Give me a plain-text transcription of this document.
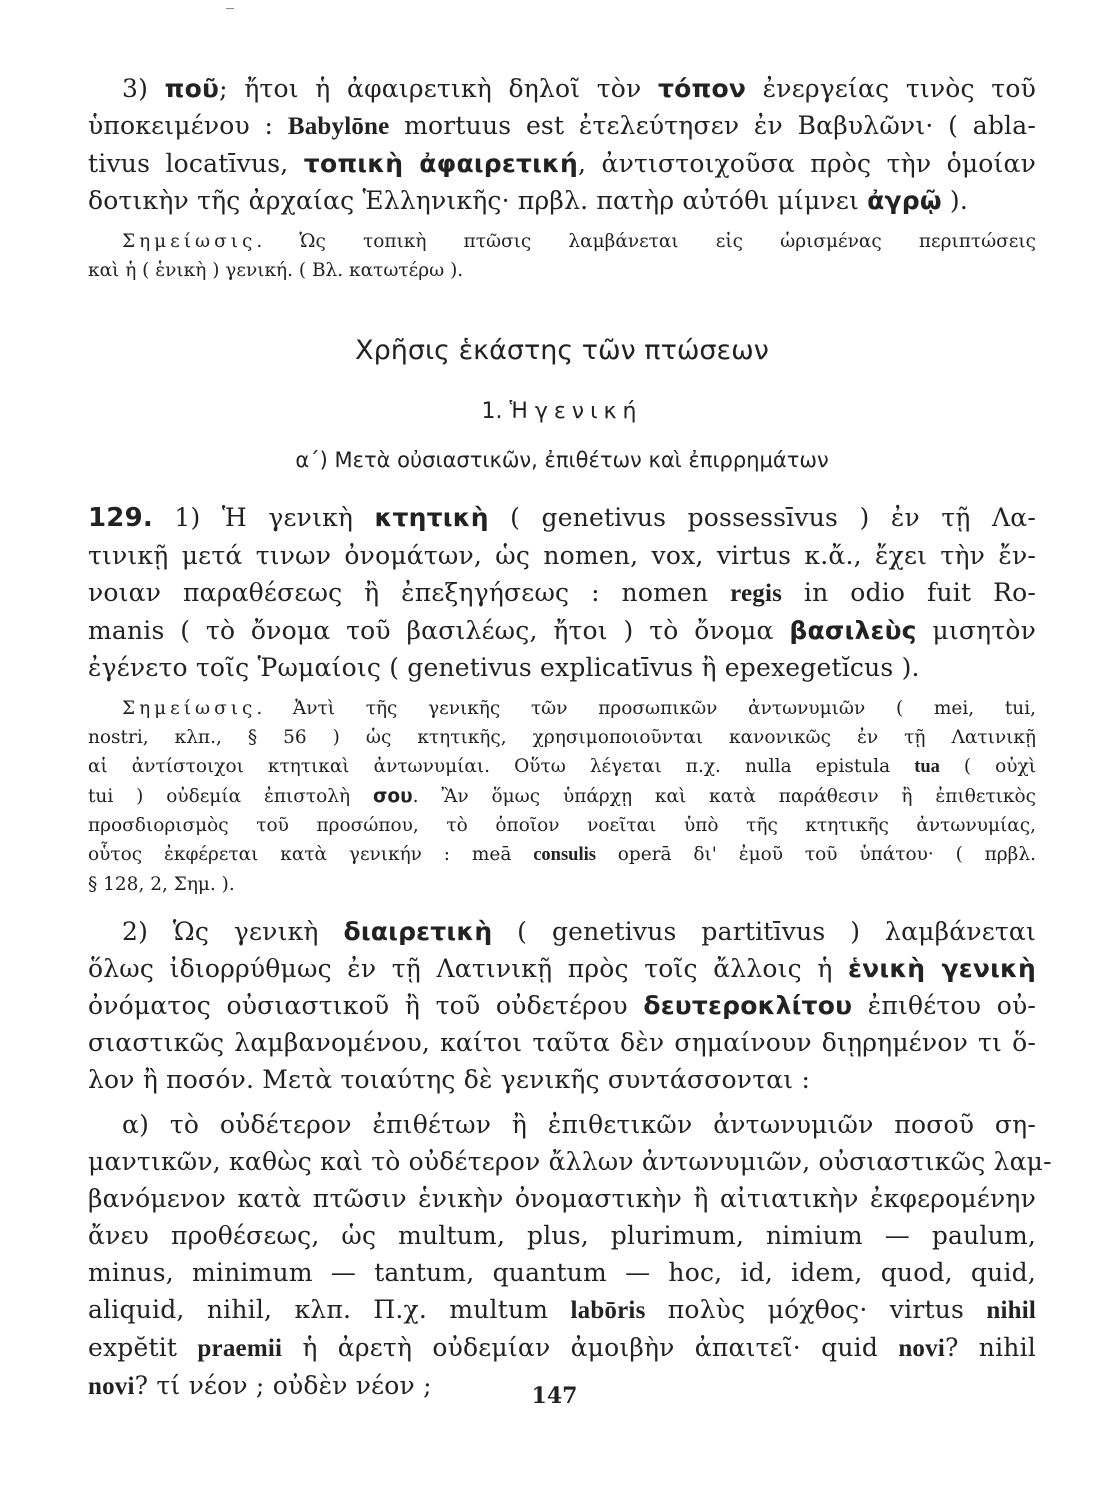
3) ποῦ; ἤτοι ἡ ἀφαιρετικὴ δηλοῖ τὸν τόπον ἐνεργείας τινὸς τοῦ
ὑποκειμένου : Babylōne mortuus est ἐτελεύτησεν ἐν Βαβυλῶνι· ( abla-
tivus locatīvus, τοπικὴ ἀφαιρετική, ἀντιστοιχοῦσα πρὸς τὴν ὁμοίαν
δοτικὴν τῆς ἀρχαίας Ἑλληνικῆς· πρβλ. πατὴρ αὐτόθι μίμνει ἀγρῷ ).
Σημείωσις. Ὡς τοπικὴ πτῶσις λαμβάνεται εἰς ὡρισμένας περιπτώσεις
καὶ ἡ ( ἑνικὴ ) γενική. ( Βλ. κατωτέρω ).
Χρῆσις ἑκάστης τῶν πτώσεων
1. Ἡ γενική
α΄) Μετὰ οὐσιαστικῶν, ἐπιθέτων καὶ ἐπιρρημάτων
129. 1) Ἡ γενικὴ κτητικὴ ( genetivus possessīvus ) ἐν τῇ Λα-
τινικῇ μετά τινων ὀνομάτων, ὡς nomen, vox, virtus κ.ἄ., ἔχει τὴν ἔν-
νοιαν παραθέσεως ἢ ἐπεξηγήσεως : nomen regis in odio fuit Ro-
manis ( τὸ ὄνομα τοῦ βασιλέως, ἤτοι ) τὸ ὄνομα βασιλεὺς μισητὸν
ἐγένετο τοῖς Ῥωμαίοις ( genetivus explicatīvus ἢ epexegetĭcus ).
Σημείωσις. Ἀντὶ τῆς γενικῆς τῶν προσωπικῶν ἀντωνυμιῶν ( mei, tui,
nostri, κλπ., § 56 ) ὡς κτητικῆς, χρησιμοποιοῦνται κανονικῶς ἐν τῇ Λατινικῇ
αἱ ἀντίστοιχοι κτητικαὶ ἀντωνυμίαι. Οὕτω λέγεται π.χ. nulla epistula tua ( οὐχὶ
tui ) οὐδεμία ἐπιστολὴ σου. Ἂν ὅμως ὑπάρχῃ καὶ κατὰ παράθεσιν ἢ ἐπιθετικὸς
προσδιορισμὸς τοῦ προσώπου, τὸ ὁποῖον νοεῖται ὑπὸ τῆς κτητικῆς ἀντωνυμίας,
οὗτος ἐκφέρεται κατὰ γενικήν : meā consulis operā δι' ἐμοῦ τοῦ ὑπάτου· ( πρβλ.
§ 128, 2, Σημ. ).
2) Ὡς γενικὴ διαιρετικὴ ( genetivus partitīvus ) λαμβάνεται
ὅλως ἰδιορρύθμως ἐν τῇ Λατινικῇ πρὸς τοῖς ἄλλοις ἡ ἑνικὴ γενικὴ
ὀνόματος οὐσιαστικοῦ ἢ τοῦ οὐδετέρου δευτεροκλίτου ἐπιθέτου οὐ-
σιαστικῶς λαμβανομένου, καίτοι ταῦτα δὲν σημαίνουν διῃρημένον τι ὅ-
λον ἢ ποσόν. Μετὰ τοιαύτης δὲ γενικῆς συντάσσονται :
α) τὸ οὐδέτερον ἐπιθέτων ἢ ἐπιθετικῶν ἀντωνυμιῶν ποσοῦ ση-
μαντικῶν, καθὼς καὶ τὸ οὐδέτερον ἄλλων ἀντωνυμιῶν, οὐσιαστικῶς λαμ-
βανόμενον κατὰ πτῶσιν ἑνικὴν ὀνομαστικὴν ἢ αἰτιατικὴν ἐκφερομένην
ἄνευ προθέσεως, ὡς multum, plus, plurimum, nimium — paulum,
minus, minimum — tantum, quantum — hoc, id, idem, quod, quid,
aliquid, nihil, κλπ. Π.χ. multum labōris πολὺς μόχθος· virtus nihil
expĕtit praemii ἡ ἀρετὴ οὐδεμίαν ἀμοιβὴν ἀπαιτεῖ· quid novi? nihil
novi? τί νέον ; οὐδὲν νέον ;	147
